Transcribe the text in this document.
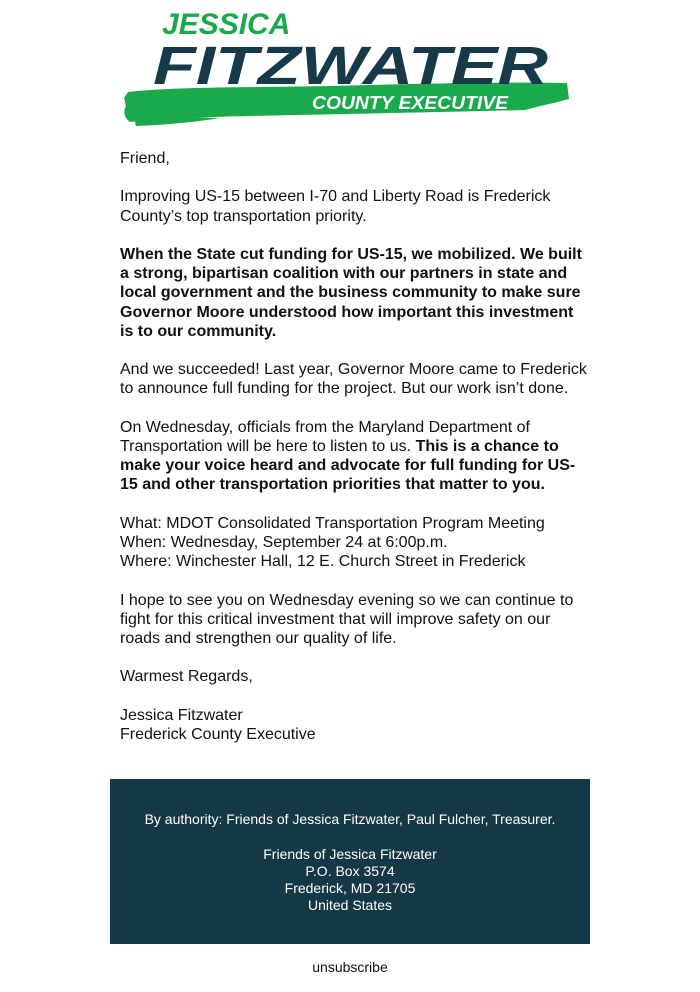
JESSICA
FITZWATER
COUNTY EXECUTIVE

Friend,

Improving US-15 between I-70 and Liberty Road is Frederick County’s top transportation priority.

When the State cut funding for US-15, we mobilized. We built a strong, bipartisan coalition with our partners in state and local government and the business community to make sure Governor Moore understood how important this investment is to our community.

And we succeeded! Last year, Governor Moore came to Frederick to announce full funding for the project. But our work isn’t done.

On Wednesday, officials from the Maryland Department of Transportation will be here to listen to us. This is a chance to make your voice heard and advocate for full funding for US-15 and other transportation priorities that matter to you.

What: MDOT Consolidated Transportation Program Meeting
When: Wednesday, September 24 at 6:00p.m.
Where: Winchester Hall, 12 E. Church Street in Frederick

I hope to see you on Wednesday evening so we can continue to fight for this critical investment that will improve safety on our roads and strengthen our quality of life.

Warmest Regards,

Jessica Fitzwater
Frederick County Executive

By authority: Friends of Jessica Fitzwater, Paul Fulcher, Treasurer.
Friends of Jessica Fitzwater
P.O. Box 3574
Frederick, MD 21705
United States
unsubscribe
